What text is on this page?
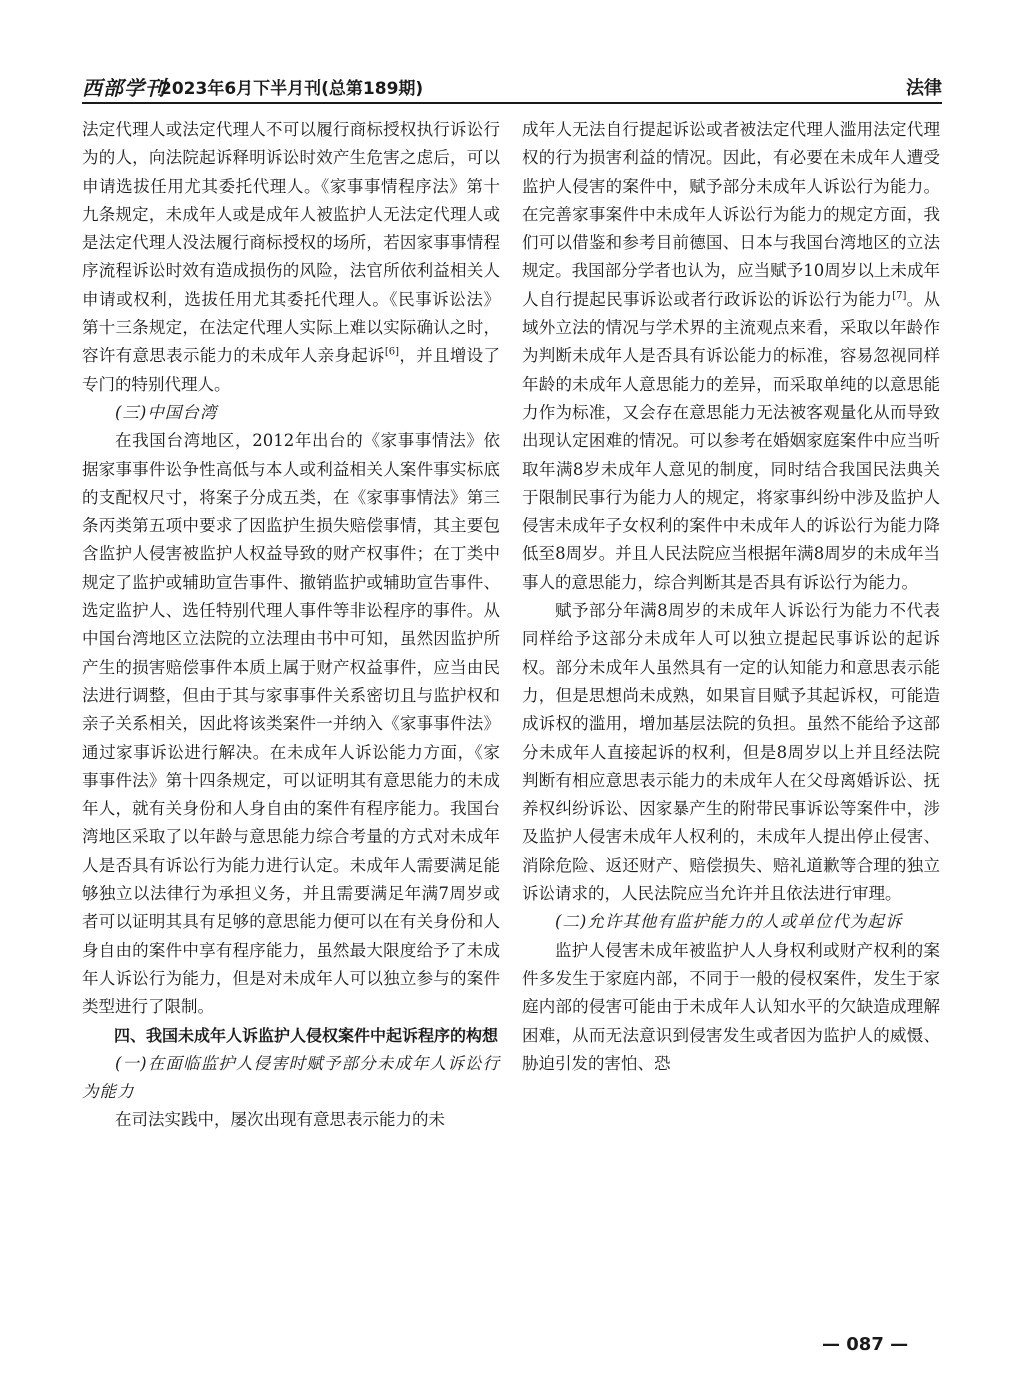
西部学刊
2023年6月下半月刊(总第189期)	法律

法定代理人或法定代理人不可以履行商标授权执行诉讼行为的人，向法院起诉释明诉讼时效产生危害之虑后，可以申请选拔任用尤其委托代理人。《家事事情程序法》第十九条规定，未成年人或是成年人被监护人无法定代理人或是法定代理人没法履行商标授权的场所，若因家事事情程序流程诉讼时效有造成损伤的风险，法官所依利益相关人申请或权利，选拔任用尤其委托代理人。《民事诉讼法》第十三条规定，在法定代理人实际上难以实际确认之时，容许有意思表示能力的未成年人亲身起诉[6]，并且增设了专门的特别代理人。

(三)中国台湾

在我国台湾地区，2012年出台的《家事事情法》依据家事事件讼争性高低与本人或利益相关人案件事实标底的支配权尺寸，将案子分成五类，在《家事事情法》第三条丙类第五项中要求了因监护生损失赔偿事情，其主要包含监护人侵害被监护人权益导致的财产权事件；在丁类中规定了监护或辅助宣告事件、撤销监护或辅助宣告事件、选定监护人、选任特别代理人事件等非讼程序的事件。从中国台湾地区立法院的立法理由书中可知，虽然因监护所产生的损害赔偿事件本质上属于财产权益事件，应当由民法进行调整，但由于其与家事事件关系密切且与监护权和亲子关系相关，因此将该类案件一并纳入《家事事件法》通过家事诉讼进行解决。在未成年人诉讼能力方面，《家事事件法》第十四条规定，可以证明其有意思能力的未成年人，就有关身份和人身自由的案件有程序能力。我国台湾地区采取了以年龄与意思能力综合考量的方式对未成年人是否具有诉讼行为能力进行认定。未成年人需要满足能够独立以法律行为承担义务，并且需要满足年满7周岁或者可以证明其具有足够的意思能力便可以在有关身份和人身自由的案件中享有程序能力，虽然最大限度给予了未成年人诉讼行为能力，但是对未成年人可以独立参与的案件类型进行了限制。

四、我国未成年人诉监护人侵权案件中起诉程序的构想

(一)在面临监护人侵害时赋予部分未成年人诉讼行为能力

在司法实践中，屡次出现有意思表示能力的未

成年人无法自行提起诉讼或者被法定代理人滥用法定代理权的行为损害利益的情况。因此，有必要在未成年人遭受监护人侵害的案件中，赋予部分未成年人诉讼行为能力。在完善家事案件中未成年人诉讼行为能力的规定方面，我们可以借鉴和参考目前德国、日本与我国台湾地区的立法规定。我国部分学者也认为，应当赋予10周岁以上未成年人自行提起民事诉讼或者行政诉讼的诉讼行为能力[7]。从域外立法的情况与学术界的主流观点来看，采取以年龄作为判断未成年人是否具有诉讼能力的标准，容易忽视同样年龄的未成年人意思能力的差异，而采取单纯的以意思能力作为标准，又会存在意思能力无法被客观量化从而导致出现认定困难的情况。可以参考在婚姻家庭案件中应当听取年满8岁未成年人意见的制度，同时结合我国民法典关于限制民事行为能力人的规定，将家事纠纷中涉及监护人侵害未成年子女权利的案件中未成年人的诉讼行为能力降低至8周岁。并且人民法院应当根据年满8周岁的未成年当事人的意思能力，综合判断其是否具有诉讼行为能力。

赋予部分年满8周岁的未成年人诉讼行为能力不代表同样给予这部分未成年人可以独立提起民事诉讼的起诉权。部分未成年人虽然具有一定的认知能力和意思表示能力，但是思想尚未成熟，如果盲目赋予其起诉权，可能造成诉权的滥用，增加基层法院的负担。虽然不能给予这部分未成年人直接起诉的权利，但是8周岁以上并且经法院判断有相应意思表示能力的未成年人在父母离婚诉讼、抚养权纠纷诉讼、因家暴产生的附带民事诉讼等案件中，涉及监护人侵害未成年人权利的，未成年人提出停止侵害、消除危险、返还财产、赔偿损失、赔礼道歉等合理的独立诉讼请求的，人民法院应当允许并且依法进行审理。

(二)允许其他有监护能力的人或单位代为起诉

监护人侵害未成年被监护人人身权利或财产权利的案件多发生于家庭内部，不同于一般的侵权案件，发生于家庭内部的侵害可能由于未成年人认知水平的欠缺造成理解困难，从而无法意识到侵害发生或者因为监护人的威慑、胁迫引发的害怕、恐

— 087 —
